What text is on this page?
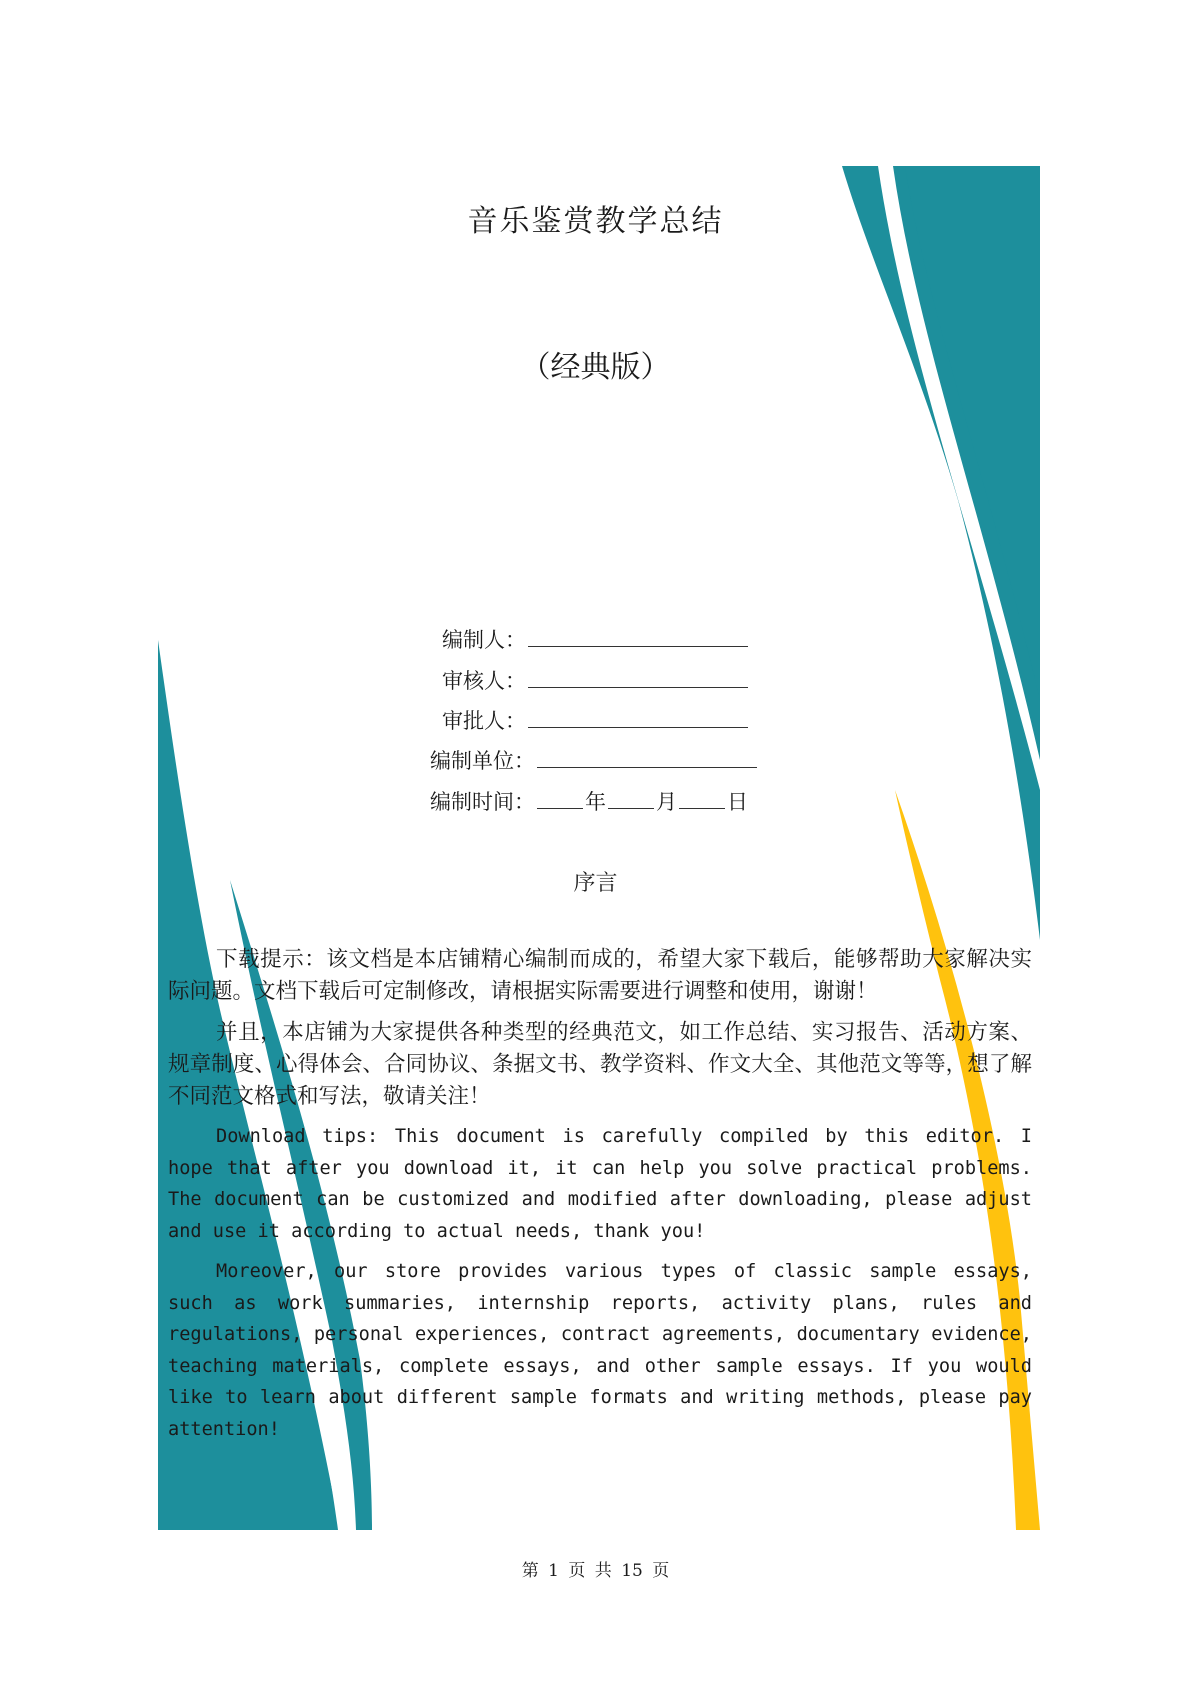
音乐鉴赏教学总结
（经典版）
编制人：
审核人：
审批人：
编制单位：
编制时间： 年 月 日
序言
下载提示：该文档是本店铺精心编制而成的，希望大家下载后，能够帮助大家解决实际问题。文档下载后可定制修改，请根据实际需要进行调整和使用，谢谢！
并且，本店铺为大家提供各种类型的经典范文，如工作总结、实习报告、活动方案、规章制度、心得体会、合同协议、条据文书、教学资料、作文大全、其他范文等等，想了解不同范文格式和写法，敬请关注！
Download tips: This document is carefully compiled by this editor. I hope that after you download it, it can help you solve practical problems. The document can be customized and modified after downloading, please adjust and use it according to actual needs, thank you!
Moreover, our store provides various types of classic sample essays, such as work summaries, internship reports, activity plans, rules and regulations, personal experiences, contract agreements, documentary evidence, teaching materials, complete essays, and other sample essays. If you would like to learn about different sample formats and writing methods, please pay attention!
第 1 页 共 15 页
